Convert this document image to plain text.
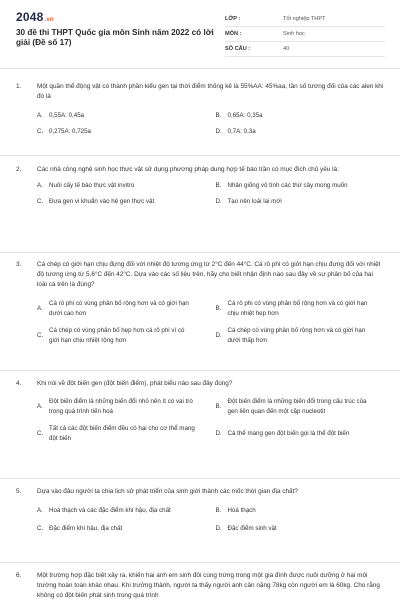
2048.vn
30 đề thi THPT Quốc gia môn Sinh năm 2022 có lời giải (Đề số 17)
LỚP :	Tốt nghiệp THPT
MÔN :	Sinh học
SỐ CÂU :	40
1.	Một quần thể động vật có thành phần kiểu gen tại thời điểm thống kê là 55%AA: 45%aa, tần số tương đối của các alen khi đó là
A. 0,55A: 0,45a	B. 0,65A: 0,35a
C. 0,275A: 0,725a	D. 0,7A: 0,3a
2.	Các nhà công nghệ sinh học thực vật sử dụng phương pháp dung hợp tế bào trần có mục đích chủ yếu là:
A. Nuôi cấy tế bào thực vật invitro	B. Nhân giống vô tính các thứ cây mong muốn
C. Đưa gen vi khuẩn vào hệ gen thực vật	D. Tạo nên loài lai mới
3.	Cá chép có giới hạn chịu đựng đối với nhiệt độ tương ứng từ 2°C đến 44°C. Cá rô phi có giới hạn chịu đựng đối với nhiệt độ tương ứng từ 5,6°C đến 42°C. Dựa vào các số liệu trên, hãy cho biết nhận định nào sau đây về sự phân bố của hai loài cá trên là đúng?
A.
Cá rô phi có vùng phân bố rộng hơn và có giới hạn dưới cao hơn
B.
Cá rô phi có vùng phân bố rộng hơn và có giới hạn chịu nhiệt hẹp hơn
C.
Cá chép có vùng phân bố hẹp hơn cá rô phi vì có giới hạn chịu nhiệt rộng hơn
D.
Cá chép có vùng phân bố rộng hơn và có giới hạn dưới thấp hơn
4.	Khi nói về đột biến gen (đột biến điểm), phát biểu nào sau đây đúng?
A.
Đột biến điểm là những biến đổi nhỏ nên ít có vai trò trong quá trình tiến hoá
B.
Đột biến điểm là những biến đổi trong cấu trúc của gen liên quan đến một cặp nucleotit
C.
Tất cả các đột biến điểm đều có hại cho cơ thể mang đột biến
D. Cá thể mang gen đột biến gọi là thể đột biến
5.	Dựa vào đâu người ta chia lịch sử phát triển của sinh giới thành các mốc thời gian địa chất?
A. Hoá thạch và các đặc điểm khí hậu, địa chất	B. Hoá thạch
C. Đặc điểm khí hậu, địa chất	D. Đặc điểm sinh vật
6.	Một trường hợp đặc biệt xảy ra, khiến hai anh em sinh đôi cùng trứng trong một gia đình được nuôi dưỡng ở hai môi trường hoàn toàn khác nhau. Khi trưởng thành, người ta thấy người anh cân nặng 78kg còn người em là 60kg. Cho rằng không có đột biến phát sinh trong quá trình
